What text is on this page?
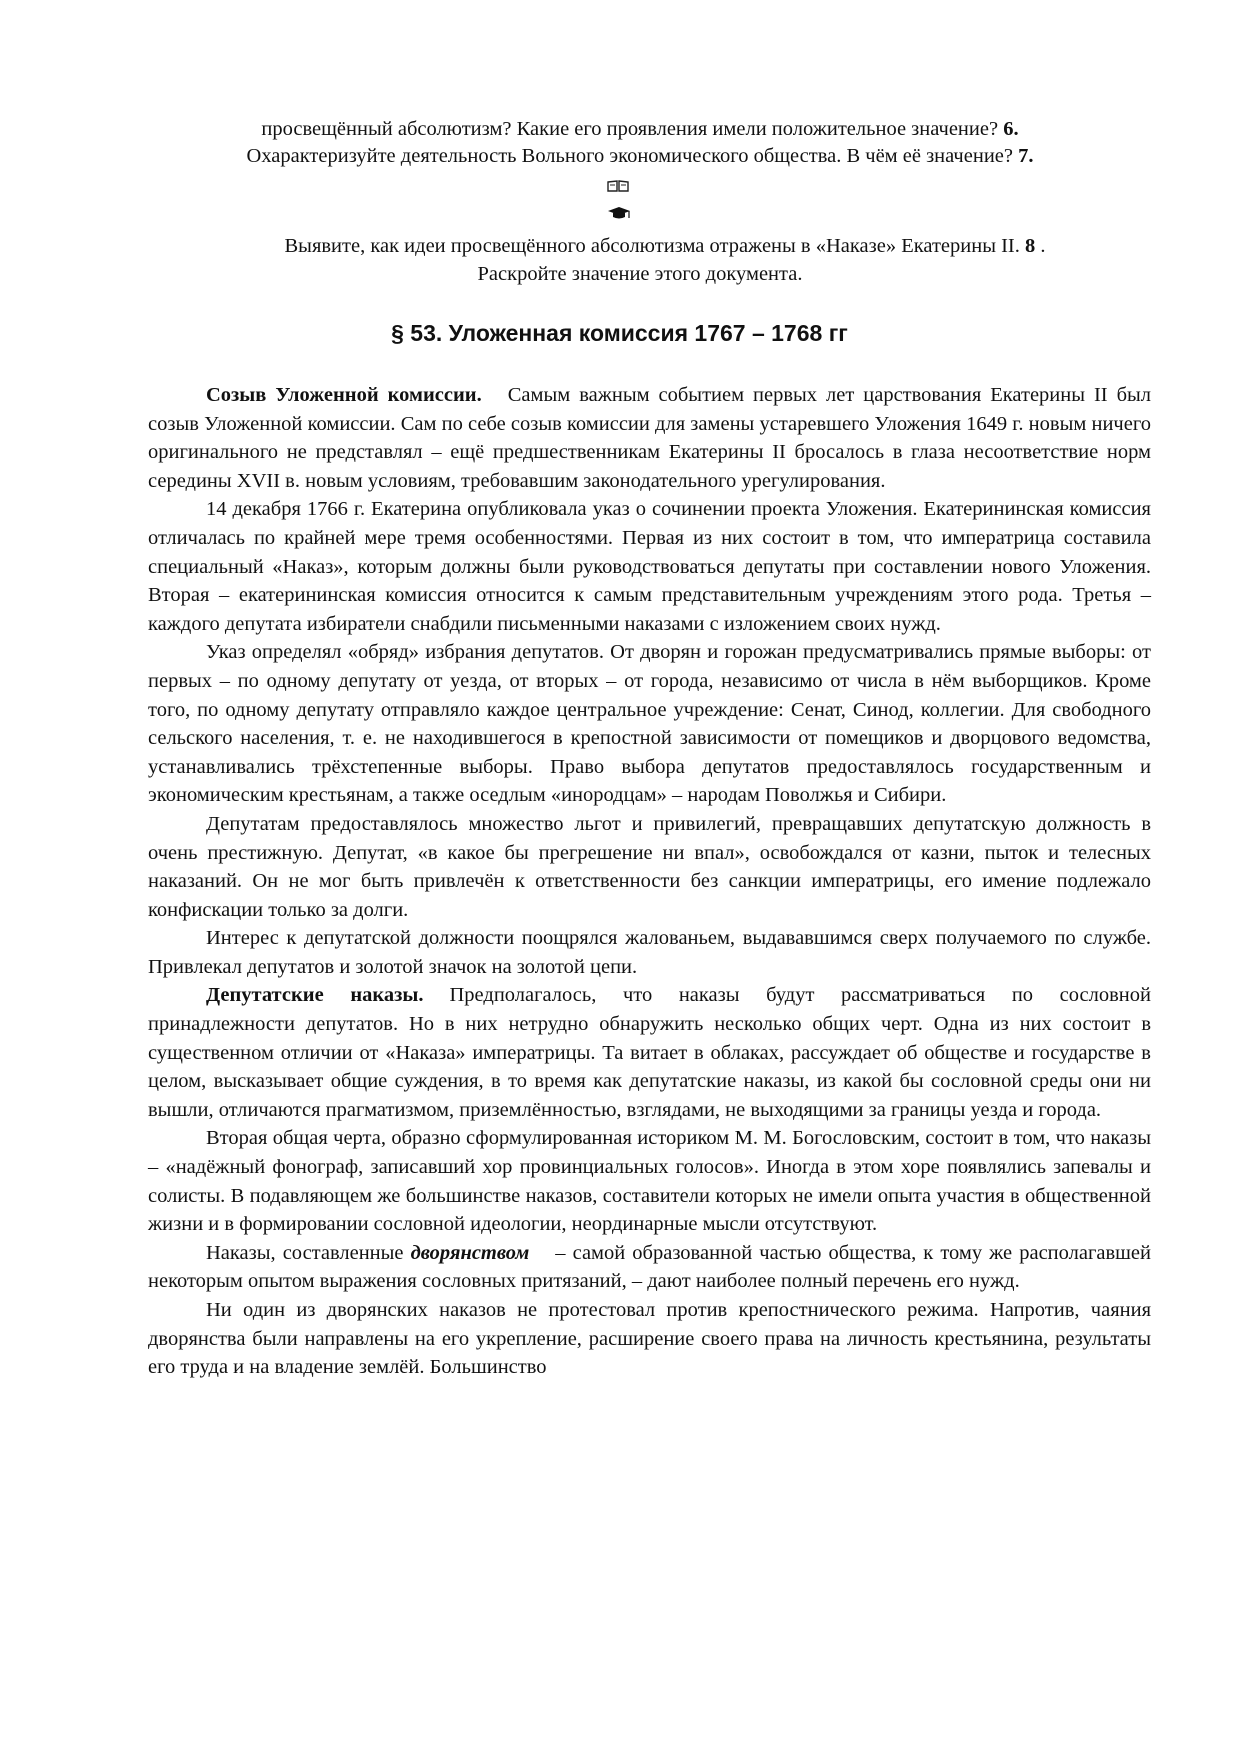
просвещённый абсолютизм? Какие его проявления имели положительное значение? 6.
Охарактеризуйте деятельность Вольного экономического общества. В чём её значение? 7.
Выявите, как идеи просвещённого абсолютизма отражены в «Наказе» Екатерины II. 8 .
Раскройте значение этого документа.
§ 53. Уложенная комиссия 1767 – 1768 гг

Созыв Уложенной комиссии. Самым важным событием первых лет царствования Екатерины II был созыв Уложенной комиссии. Сам по себе созыв комиссии для замены устаревшего Уложения 1649 г. новым ничего оригинального не представлял – ещё предшественникам Екатерины II бросалось в глаза несоответствие норм середины XVII в. новым условиям, требовавшим законодательного урегулирования.

14 декабря 1766 г. Екатерина опубликовала указ о сочинении проекта Уложения. Екатерининская комиссия отличалась по крайней мере тремя особенностями. Первая из них состоит в том, что императрица составила специальный «Наказ», которым должны были руководствоваться депутаты при составлении нового Уложения. Вторая – екатерининская комиссия относится к самым представительным учреждениям этого рода. Третья – каждого депутата избиратели снабдили письменными наказами с изложением своих нужд.

Указ определял «обряд» избрания депутатов. От дворян и горожан предусматривались прямые выборы: от первых – по одному депутату от уезда, от вторых – от города, независимо от числа в нём выборщиков. Кроме того, по одному депутату отправляло каждое центральное учреждение: Сенат, Синод, коллегии. Для свободного сельского населения, т. е. не находившегося в крепостной зависимости от помещиков и дворцового ведомства, устанавливались трёхстепенные выборы. Право выбора депутатов предоставлялось государственным и экономическим крестьянам, а также оседлым «инородцам» – народам Поволжья и Сибири.

Депутатам предоставлялось множество льгот и привилегий, превращавших депутатскую должность в очень престижную. Депутат, «в какое бы прегрешение ни впал», освобождался от казни, пыток и телесных наказаний. Он не мог быть привлечён к ответственности без санкции императрицы, его имение подлежало конфискации только за долги.

Интерес к депутатской должности поощрялся жалованьем, выдававшимся сверх получаемого по службе. Привлекал депутатов и золотой значок на золотой цепи.

Депутатские наказы. Предполагалось, что наказы будут рассматриваться по сословной принадлежности депутатов. Но в них нетрудно обнаружить несколько общих черт. Одна из них состоит в существенном отличии от «Наказа» императрицы. Та витает в облаках, рассуждает об обществе и государстве в целом, высказывает общие суждения, в то время как депутатские наказы, из какой бы сословной среды они ни вышли, отличаются прагматизмом, приземлённостью, взглядами, не выходящими за границы уезда и города.

Вторая общая черта, образно сформулированная историком М. М. Богословским, состоит в том, что наказы – «надёжный фонограф, записавший хор провинциальных голосов». Иногда в этом хоре появлялись запевалы и солисты. В подавляющем же большинстве наказов, составители которых не имели опыта участия в общественной жизни и в формировании сословной идеологии, неординарные мысли отсутствуют.

Наказы, составленные дворянством – самой образованной частью общества, к тому же располагавшей некоторым опытом выражения сословных притязаний, – дают наиболее полный перечень его нужд.

Ни один из дворянских наказов не протестовал против крепостнического режима. Напротив, чаяния дворянства были направлены на его укрепление, расширение своего права на личность крестьянина, результаты его труда и на владение землёй. Большинство
